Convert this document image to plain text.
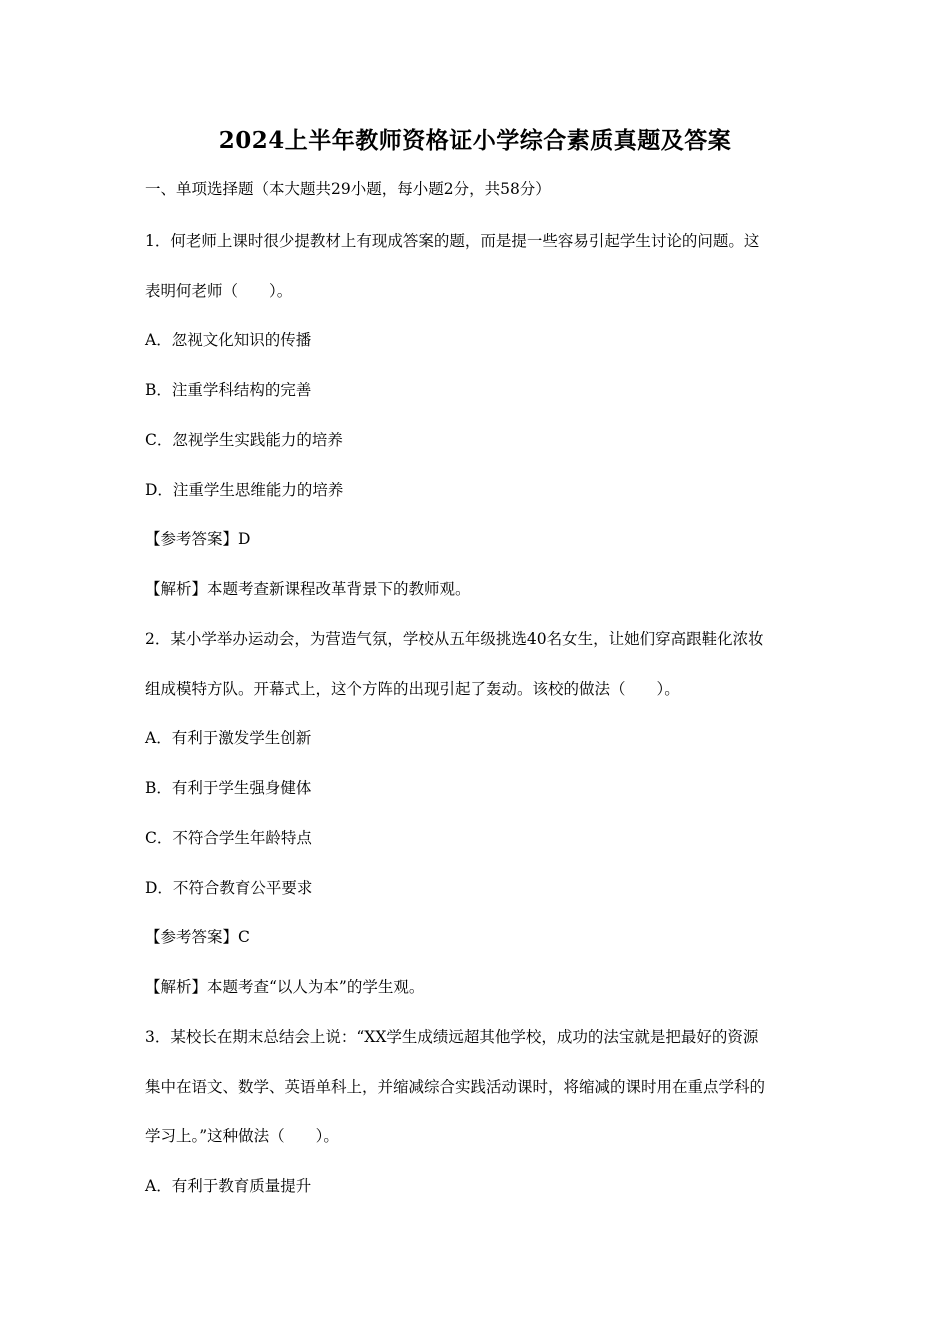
2024上半年教师资格证小学综合素质真题及答案
一、单项选择题（本大题共29小题，每小题2分，共58分）
1．何老师上课时很少提教材上有现成答案的题，而是提一些容易引起学生讨论的问题。这
表明何老师（　　）。
A．忽视文化知识的传播
B．注重学科结构的完善
C．忽视学生实践能力的培养
D．注重学生思维能力的培养
【参考答案】D
【解析】本题考查新课程改革背景下的教师观。
2．某小学举办运动会，为营造气氛，学校从五年级挑选40名女生，让她们穿高跟鞋化浓妆
组成模特方队。开幕式上，这个方阵的出现引起了轰动。该校的做法（　　）。
A．有利于激发学生创新
B．有利于学生强身健体
C．不符合学生年龄特点
D．不符合教育公平要求
【参考答案】C
【解析】本题考查“以人为本”的学生观。
3．某校长在期末总结会上说：“XX学生成绩远超其他学校，成功的法宝就是把最好的资源
集中在语文、数学、英语单科上，并缩减综合实践活动课时，将缩减的课时用在重点学科的
学习上。”这种做法（　　）。
A．有利于教育质量提升
